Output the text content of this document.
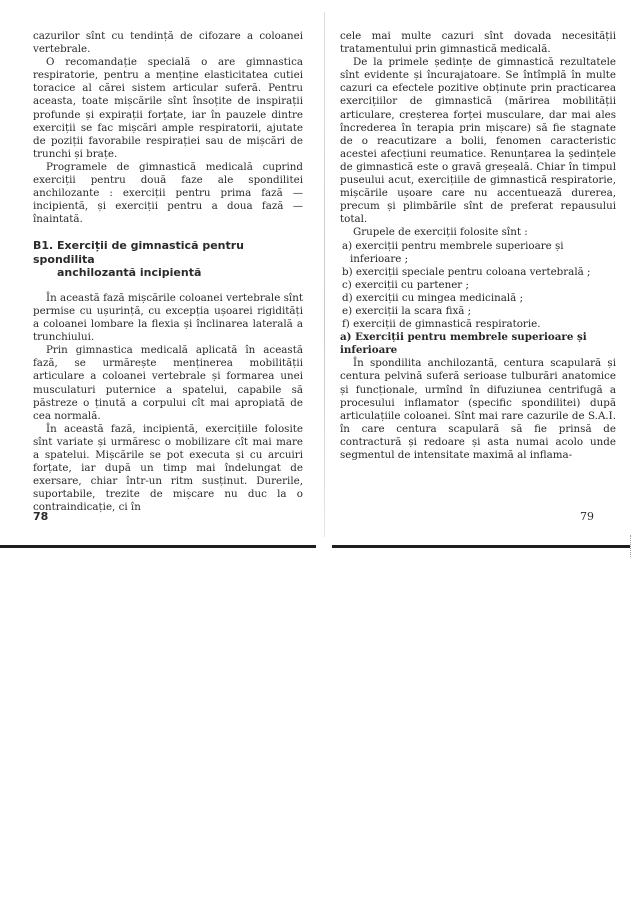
cazurilor sînt cu tendință de cifozare a coloanei vertebrale.

O recomandație specială o are gimnastica respiratorie, pentru a menține elasticitatea cutiei toracice al cărei sistem articular suferă. Pentru aceasta, toate mișcările sînt însoțite de inspirații profunde și expirații forțate, iar în pauzele dintre exerciții se fac mișcări ample respiratorii, ajutate de poziții favorabile respirației sau de mișcări de trunchi și brațe.

Programele de gimnastică medicală cuprind exerciții pentru două faze ale spondilitei anchilozante : exerciții pentru prima fază — incipientă, și exerciții pentru a doua fază — înaintată.

B1. Exerciții de gimnastică pentru spondilita
anchilozantă incipientă

În această fază mișcările coloanei vertebrale sînt permise cu ușurință, cu excepția ușoarei rigidități a coloanei lombare la flexia și înclinarea laterală a trunchiului.

Prin gimnastica medicală aplicată în această fază, se urmărește menținerea mobilității articulare a coloanei vertebrale și formarea unei musculaturi puternice a spatelui, capabile să păstreze o ținută a corpului cît mai apropiată de cea normală.

În această fază, incipientă, exercițiile folosite sînt variate și urmăresc o mobilizare cît mai mare a spatelui. Mișcările se pot executa și cu arcuiri forțate, iar după un timp mai îndelungat de exersare, chiar într-un ritm susținut. Durerile, suportabile, trezite de mișcare nu duc la o contraindicație, ci în

cele mai multe cazuri sînt dovada necesității tratamentului prin gimnastică medicală.

De la primele ședințe de gimnastică rezultatele sînt evidente și încurajatoare. Se întîmplă în multe cazuri ca efectele pozitive obținute prin practicarea exercițiilor de gimnastică (mărirea mobilității articulare, creșterea forței musculare, dar mai ales încrederea în terapia prin mișcare) să fie stagnate de o reacutizare a bolii, fenomen caracteristic acestei afecțiuni reumatice. Renunțarea la ședințele de gimnastică este o gravă greșeală. Chiar în timpul puseului acut, exercițiile de gimnastică respiratorie, mișcările ușoare care nu accentuează durerea, precum și plimbările sînt de preferat repausului total.

Grupele de exerciții folosite sînt :

a) exerciții pentru membrele superioare și inferioare ;
b) exerciții speciale pentru coloana vertebrală ;
c) exerciții cu partener ;
d) exerciții cu mingea medicinală ;
e) exerciții la scara fixă ;
f) exerciții de gimnastică respiratorie.

a) Exerciții pentru membrele superioare și inferioare

În spondilita anchilozantă, centura scapulară și centura pelvină suferă serioase tulburări anatomice și funcționale, urmînd în difuziunea centrifugă a procesului inflamator (specific spondilitei) după articulațiile coloanei. Sînt mai rare cazurile de S.A.I. în care centura scapulară să fie prinsă de contractură și redoare și asta numai acolo unde segmentul de intensitate maximă al inflama-

78	79
